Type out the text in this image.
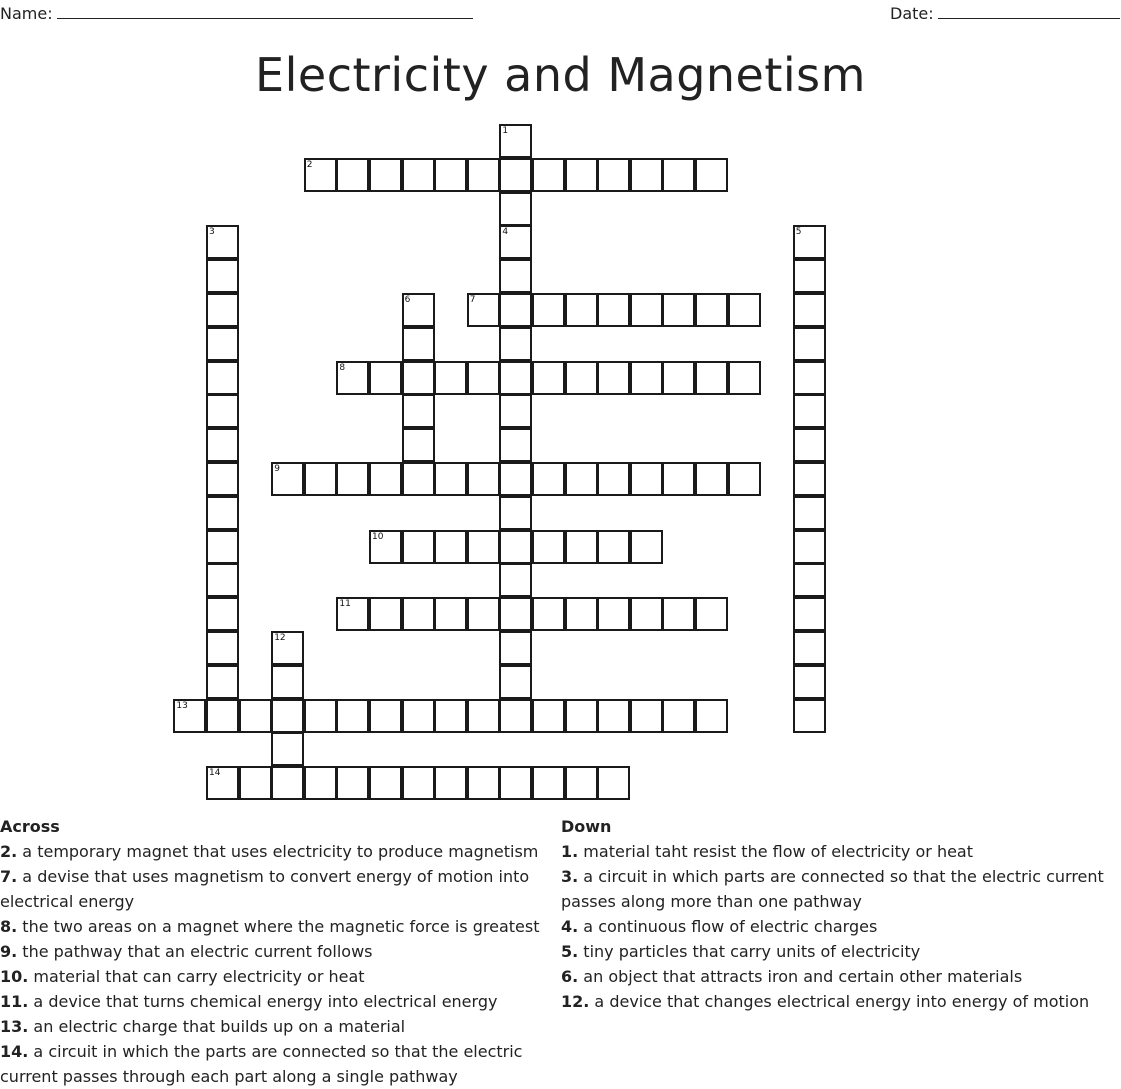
Name:	Date:
Electricity and Magnetism
1
2
3	4	5
6	7
8
9
10
11
12
13
14
Across
2. a temporary magnet that uses electricity to produce magnetism
7. a devise that uses magnetism to convert energy of motion into electrical energy
8. the two areas on a magnet where the magnetic force is greatest
9. the pathway that an electric current follows
10. material that can carry electricity or heat
11. a device that turns chemical energy into electrical energy
13. an electric charge that builds up on a material
14. a circuit in which the parts are connected so that the electric current passes through each part along a single pathway
Down
1. material taht resist the flow of electricity or heat
3. a circuit in which parts are connected so that the electric current passes along more than one pathway
4. a continuous flow of electric charges
5. tiny particles that carry units of electricity
6. an object that attracts iron and certain other materials
12. a device that changes electrical energy into energy of motion
